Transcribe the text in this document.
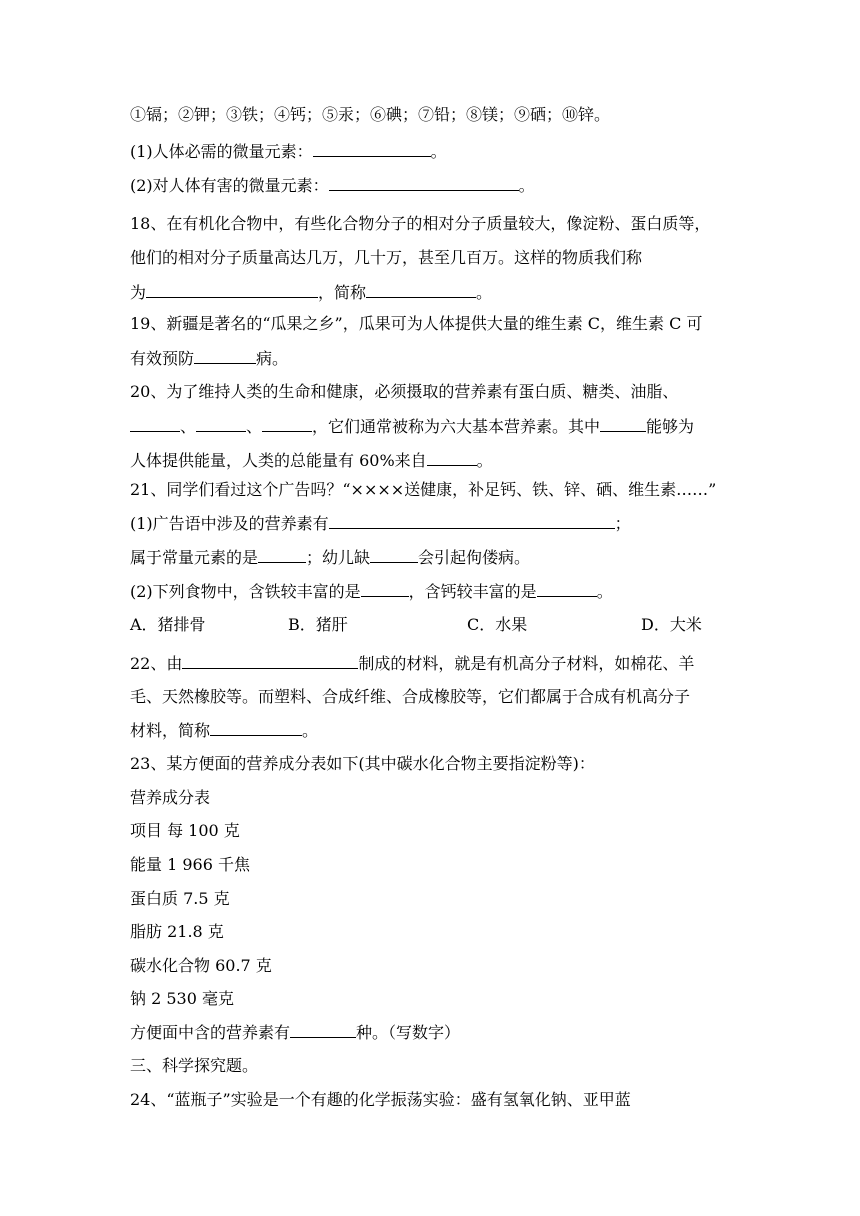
①镉；②钾；③铁；④钙；⑤汞；⑥碘；⑦铅；⑧镁；⑨硒；⑩锌。
(1)人体必需的微量元素：	。
(2)对人体有害的微量元素：	。
18、在有机化合物中，有些化合物分子的相对分子质量较大，像淀粉、蛋白质等，
他们的相对分子质量高达几万，几十万，甚至几百万。这样的物质我们称
为	，简称	。
19、新疆是著名的“瓜果之乡”，瓜果可为人体提供大量的维生素 C，维生素 C 可
有效预防	病。
20、为了维持人类的生命和健康，必须摄取的营养素有蛋白质、糖类、油脂、
、	、	，它们通常被称为六大基本营养素。其中	能够为
人体提供能量，人类的总能量有 60%来自	。
21、同学们看过这个广告吗？“××××送健康，补足钙、铁、锌、硒、维生素……”
(1)广告语中涉及的营养素有	；
属于常量元素的是	；幼儿缺	会引起佝偻病。
(2)下列食物中，含铁较丰富的是	，含钙较丰富的是	。
A．猪排骨	B．猪肝	C．水果	D．大米
22、由	制成的材料，就是有机高分子材料，如棉花、羊
毛、天然橡胶等。而塑料、合成纤维、合成橡胶等，它们都属于合成有机高分子
材料，简称	。
23、某方便面的营养成分表如下(其中碳水化合物主要指淀粉等)：
营养成分表
项目 每 100 克
能量 1 966 千焦
蛋白质 7.5 克
脂肪 21.8 克
碳水化合物 60.7 克
钠 2 530 毫克
方便面中含的营养素有	种。（写数字）
三、科学探究题。
24、“蓝瓶子”实验是一个有趣的化学振荡实验：盛有氢氧化钠、亚甲蓝
